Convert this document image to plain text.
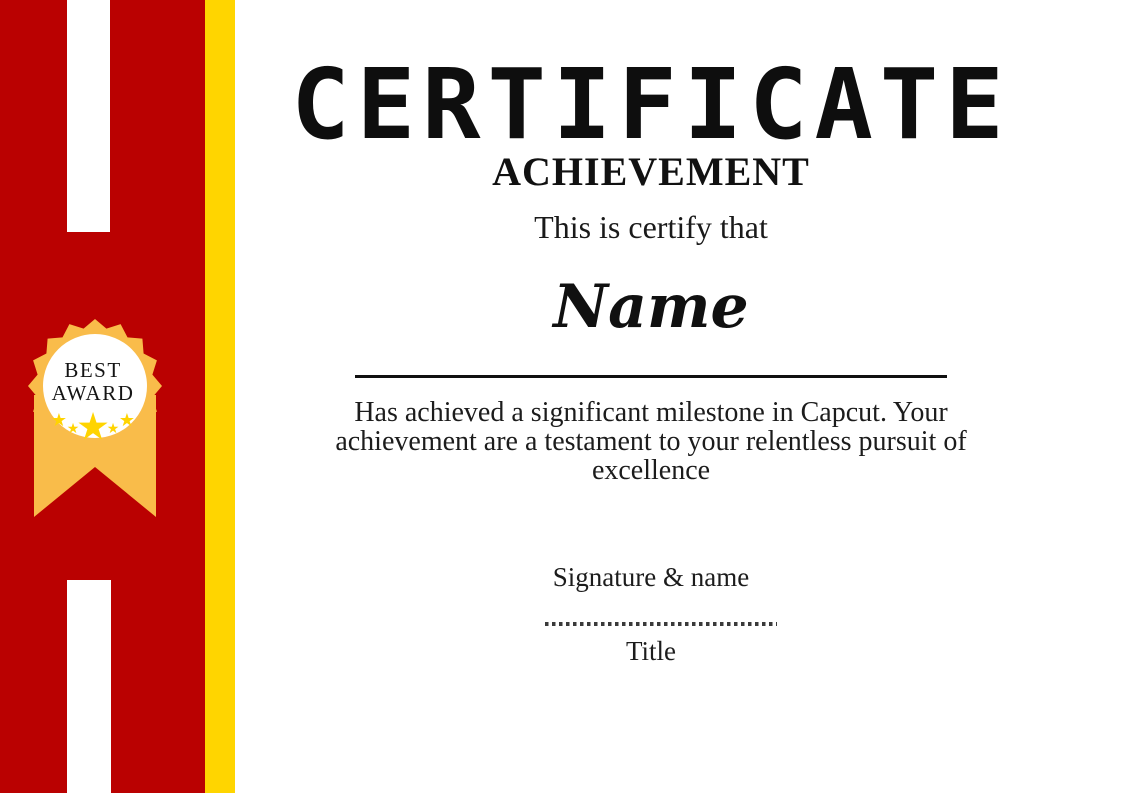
BEST
AWARD
★ ★
★
★ ★
CERTIFICATE
ACHIEVEMENT

This is certify that

Name

Has achieved a significant milestone in Capcut. Your achievement are a testament to your relentless pursuit of excellence

Signature & name
Title
